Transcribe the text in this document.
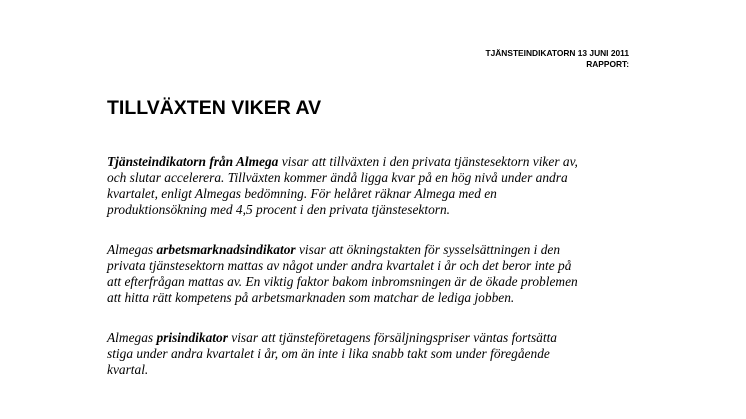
TJÄNSTEINDIKATORN 13 JUNI 2011
RAPPORT:
TILLVÄXTEN VIKER AV
Tjänsteindikatorn från Almega visar att tillväxten i den privata tjänstesektorn viker av,
och slutar accelerera. Tillväxten kommer ändå ligga kvar på en hög nivå under andra
kvartalet, enligt Almegas bedömning. För helåret räknar Almega med en
produktionsökning med 4,5 procent i den privata tjänstesektorn.
Almegas arbetsmarknadsindikator visar att ökningstakten för sysselsättningen i den
privata tjänstesektorn mattas av något under andra kvartalet i år och det beror inte på
att efterfrågan mattas av. En viktig faktor bakom inbromsningen är de ökade problemen
att hitta rätt kompetens på arbetsmarknaden som matchar de lediga jobben.
Almegas prisindikator visar att tjänsteföretagens försäljningspriser väntas fortsätta
stiga under andra kvartalet i år, om än inte i lika snabb takt som under föregående
kvartal.
